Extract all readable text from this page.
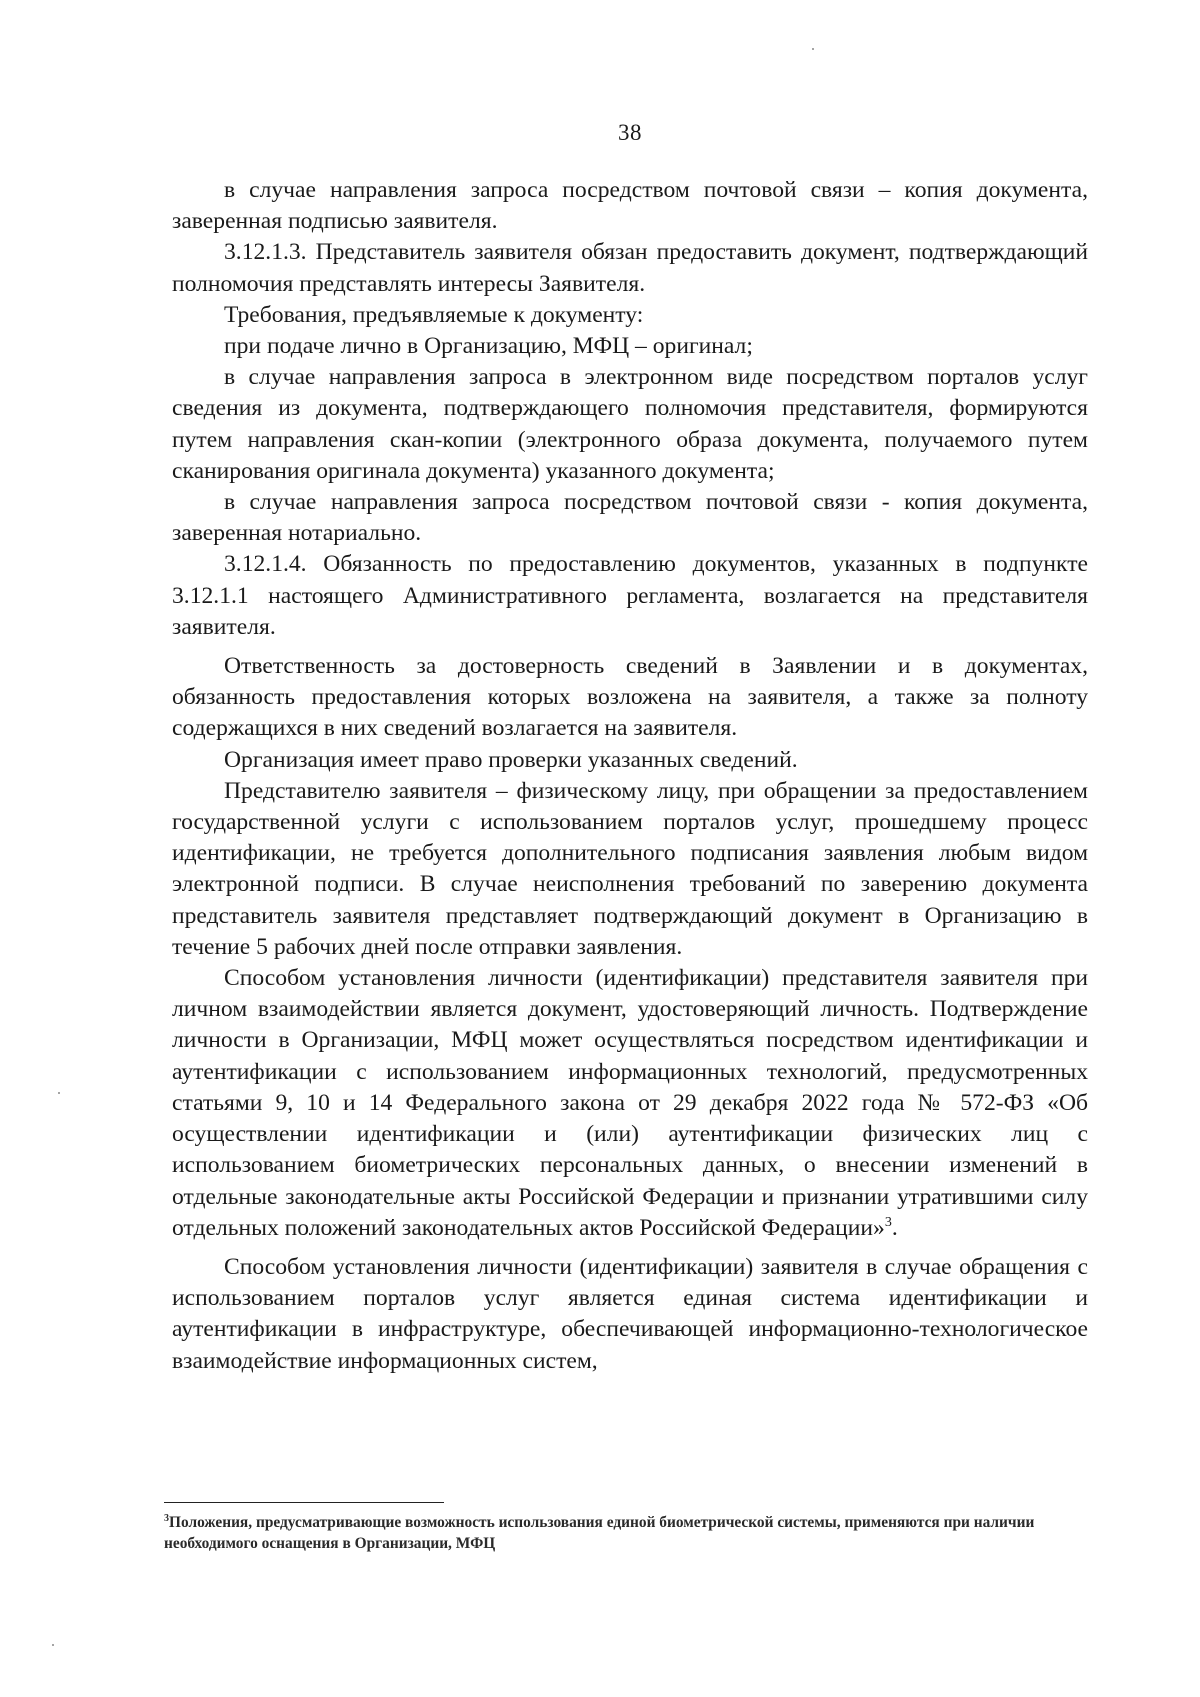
38

в случае направления запроса посредством почтовой связи – копия документа, заверенная подписью заявителя.

3.12.1.3. Представитель заявителя обязан предоставить документ, подтверждающий полномочия представлять интересы Заявителя.

Требования, предъявляемые к документу:

при подаче лично в Организацию, МФЦ – оригинал;

в случае направления запроса в электронном виде посредством порталов услуг сведения из документа, подтверждающего полномочия представителя, формируются путем направления скан-копии (электронного образа документа, получаемого путем сканирования оригинала документа) указанного документа;

в случае направления запроса посредством почтовой связи - копия документа, заверенная нотариально.

3.12.1.4. Обязанность по предоставлению документов, указанных в подпункте 3.12.1.1 настоящего Административного регламента, возлагается на представителя заявителя.

Ответственность за достоверность сведений в Заявлении и в документах, обязанность предоставления которых возложена на заявителя, а также за полноту содержащихся в них сведений возлагается на заявителя.

Организация имеет право проверки указанных сведений.

Представителю заявителя – физическому лицу, при обращении за предоставлением государственной услуги с использованием порталов услуг, прошедшему процесс идентификации, не требуется дополнительного подписания заявления любым видом электронной подписи. В случае неисполнения требований по заверению документа представитель заявителя представляет подтверждающий документ в Организацию в течение 5 рабочих дней после отправки заявления.

Способом установления личности (идентификации) представителя заявителя при личном взаимодействии является документ, удостоверяющий личность. Подтверждение личности в Организации, МФЦ может осуществляться посредством идентификации и аутентификации с использованием информационных технологий, предусмотренных статьями 9, 10 и 14 Федерального закона от 29 декабря 2022 года № 572-ФЗ «Об осуществлении идентификации и (или) аутентификации физических лиц с использованием биометрических персональных данных, о внесении изменений в отдельные законодательные акты Российской Федерации и признании утратившими силу отдельных положений законодательных актов Российской Федерации»$^3$.

Способом установления личности (идентификации) заявителя в случае обращения с использованием порталов услуг является единая система идентификации и аутентификации в инфраструктуре, обеспечивающей информационно-технологическое взаимодействие информационных систем,

$^3$Положения, предусматривающие возможность использования единой биометрической системы, применяются при наличии необходимого оснащения в Организации, МФЦ
